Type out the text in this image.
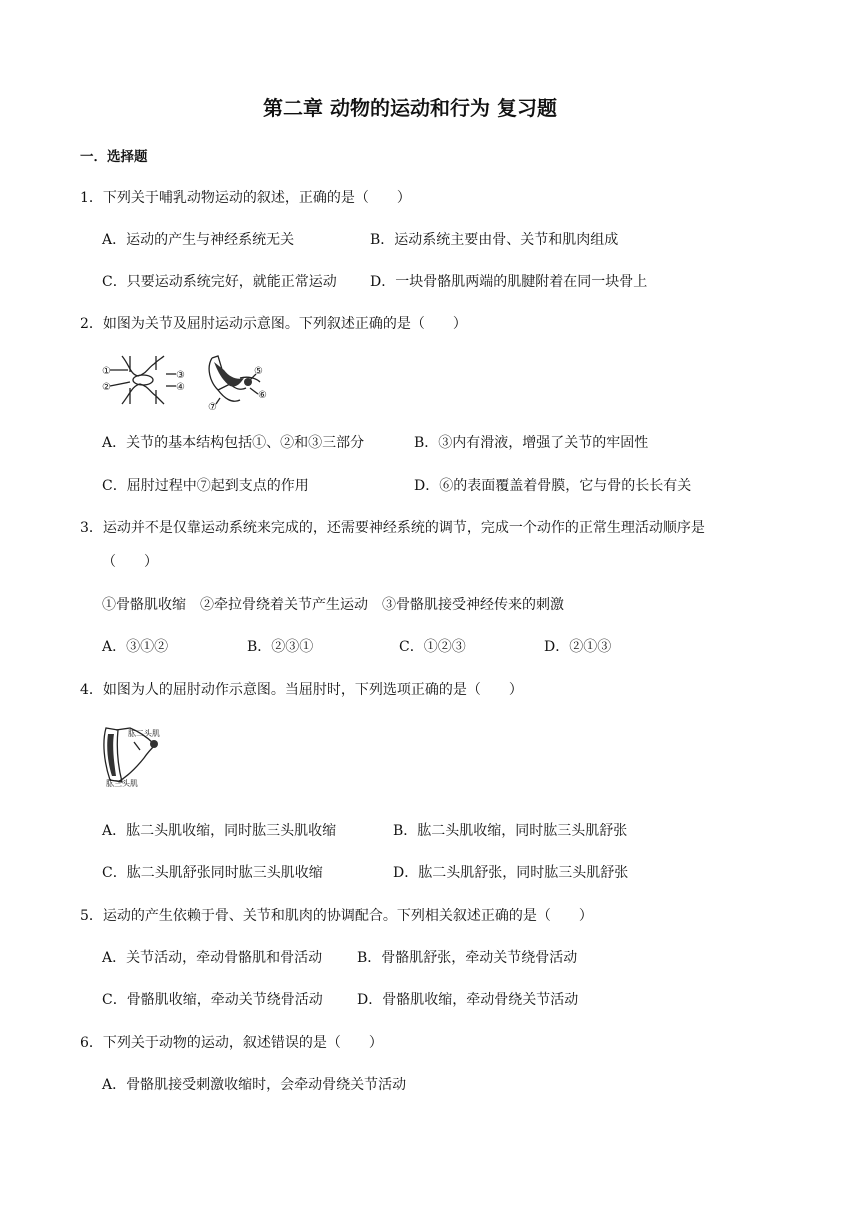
第二章 动物的运动和行为 复习题
一．选择题
1．下列关于哺乳动物运动的叙述，正确的是（　　）
A．运动的产生与神经系统无关	B．运动系统主要由骨、关节和肌肉组成
C．只要运动系统完好，就能正常运动 D．一块骨骼肌两端的肌腱附着在同一块骨上
2．如图为关节及屈肘运动示意图。下列叙述正确的是（　　）
①
②
③
④
⑤
⑥
⑦
A．关节的基本结构包括①、②和③三部分	B．③内有滑液，增强了关节的牢固性
C．屈肘过程中⑦起到支点的作用	D．⑥的表面覆盖着骨膜，它与骨的长长有关
3．运动并不是仅靠运动系统来完成的，还需要神经系统的调节，完成一个动作的正常生理活动顺序是
（　　）
①骨骼肌收缩　②牵拉骨绕着关节产生运动　③骨骼肌接受神经传来的刺激
A．③①②	B．②③①	C．①②③	D．②①③
4．如图为人的屈肘动作示意图。当屈肘时，下列选项正确的是（　　）
肱二头肌
肱三头肌
A．肱二头肌收缩，同时肱三头肌收缩	B．肱二头肌收缩，同时肱三头肌舒张
C．肱二头肌舒张同时肱三头肌收缩	D．肱二头肌舒张，同时肱三头肌舒张
5．运动的产生依赖于骨、关节和肌肉的协调配合。下列相关叙述正确的是（　　）
A．关节活动，牵动骨骼肌和骨活动 B．骨骼肌舒张，牵动关节绕骨活动
C．骨骼肌收缩，牵动关节绕骨活动 D．骨骼肌收缩，牵动骨绕关节活动
6．下列关于动物的运动，叙述错误的是（　　）
A．骨骼肌接受刺激收缩时，会牵动骨绕关节活动
